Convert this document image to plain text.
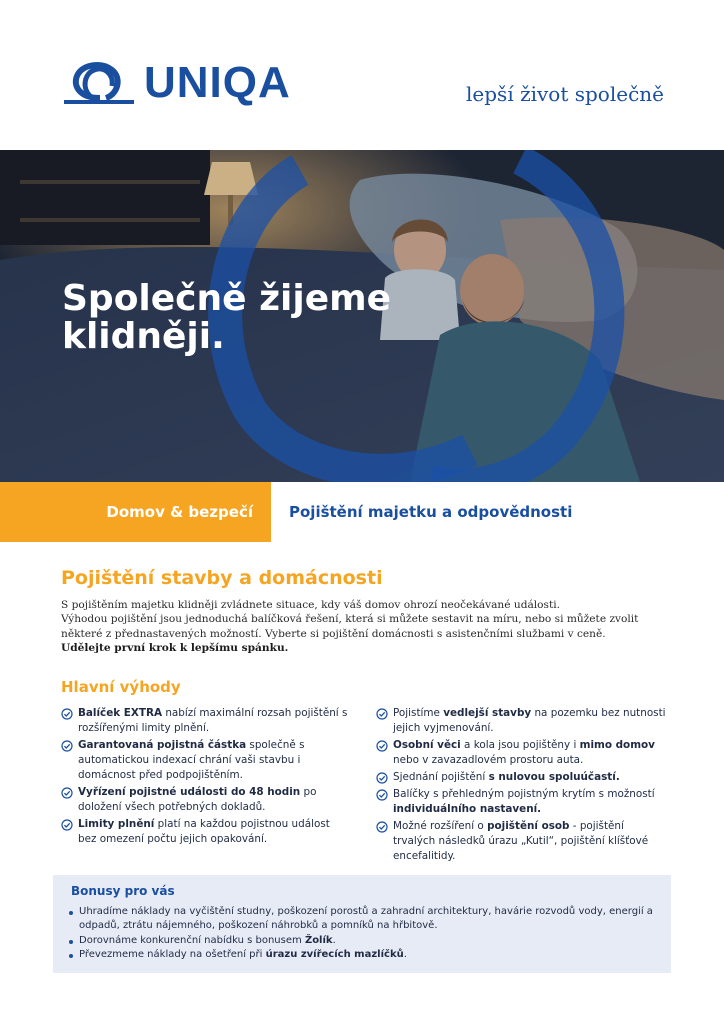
UNIQA	lepší život společně
Společně žijeme klidněji.
Domov & bezpečí Pojištění majetku a odpovědnosti
Pojištění stavby a domácnosti
S pojištěním majetku klidněji zvládnete situace, kdy váš domov ohrozí neočekávané události.
Výhodou pojištění jsou jednoduchá balíčková řešení, která si můžete sestavit na míru, nebo si můžete zvolit některé z přednastavených možností. Vyberte si pojištění domácnosti s asistenčními službami v ceně.
Udělejte první krok k lepšímu spánku.
Hlavní výhody
Balíček EXTRA nabízí maximální rozsah pojištění s rozšířenými limity plnění.
Garantovaná pojistná částka společně s automatickou indexací chrání vaši stavbu i domácnost před podpojištěním.
Vyřízení pojistné události do 48 hodin po doložení všech potřebných dokladů.
Limity plnění platí na každou pojistnou událost bez omezení počtu jejich opakování.
Pojistíme vedlejší stavby na pozemku bez nutnosti jejich vyjmenování.
Osobní věci a kola jsou pojištěny i mimo domov nebo v zavazadlovém prostoru auta.
Sjednání pojištění s nulovou spoluúčastí.
Balíčky s přehledným pojistným krytím s možností individuálního nastavení.
Možné rozšíření o pojištění osob - pojištění trvalých následků úrazu „Kutil“, pojištění klíšťové encefalitidy.
Bonusy pro vás
Uhradíme náklady na vyčištění studny, poškození porostů a zahradní architektury, havárie rozvodů vody, energií a odpadů, ztrátu nájemného, poškození náhrobků a pomníků na hřbitově.
Dorovnáme konkurenční nabídku s bonusem Žolík.
Převezmeme náklady na ošetření při úrazu zvířecích mazlíčků.
